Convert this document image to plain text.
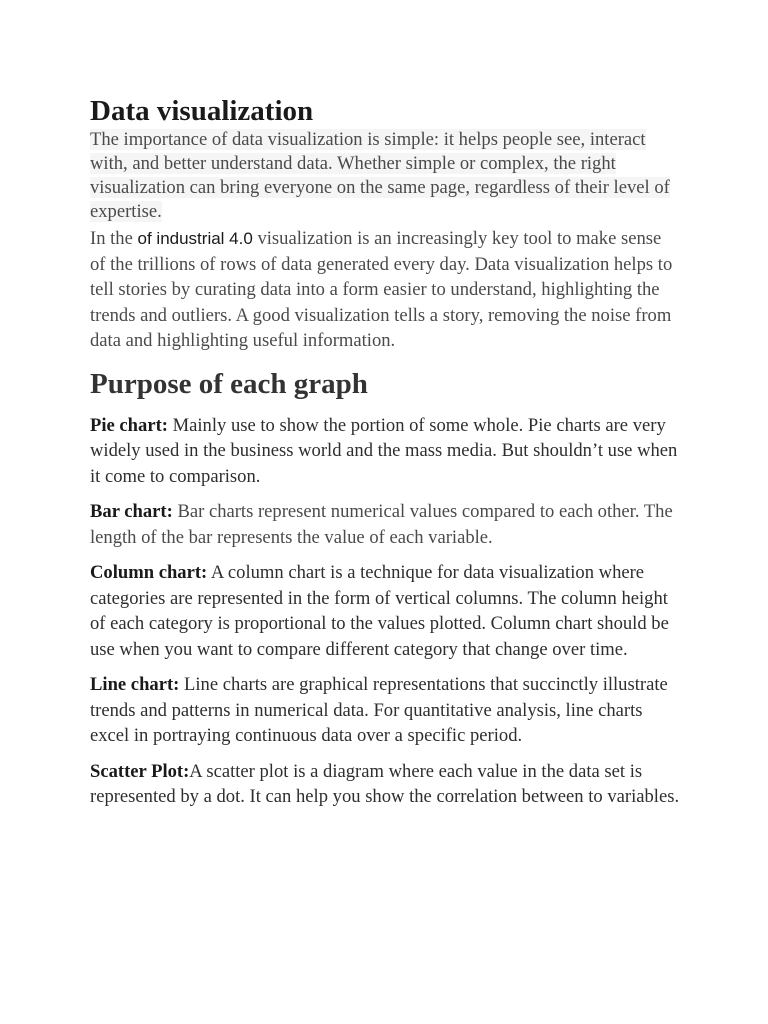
Data visualization

The importance of data visualization is simple: it helps people see, interact with, and better understand data. Whether simple or complex, the right visualization can bring everyone on the same page, regardless of their level of expertise.

In the of industrial 4.0 visualization is an increasingly key tool to make sense of the trillions of rows of data generated every day. Data visualization helps to tell stories by curating data into a form easier to understand, highlighting the trends and outliers. A good visualization tells a story, removing the noise from data and highlighting useful information.

Purpose of each graph

Pie chart: Mainly use to show the portion of some whole. Pie charts are very widely used in the business world and the mass media. But shouldn’t use when it come to comparison.

Bar chart: Bar charts represent numerical values compared to each other. The length of the bar represents the value of each variable.

Column chart: A column chart is a technique for data visualization where categories are represented in the form of vertical columns. The column height of each category is proportional to the values plotted. Column chart should be use when you want to compare different category that change over time.

Line chart: Line charts are graphical representations that succinctly illustrate trends and patterns in numerical data. For quantitative analysis, line charts excel in portraying continuous data over a specific period.

Scatter Plot:A scatter plot is a diagram where each value in the data set is represented by a dot. It can help you show the correlation between to variables.
